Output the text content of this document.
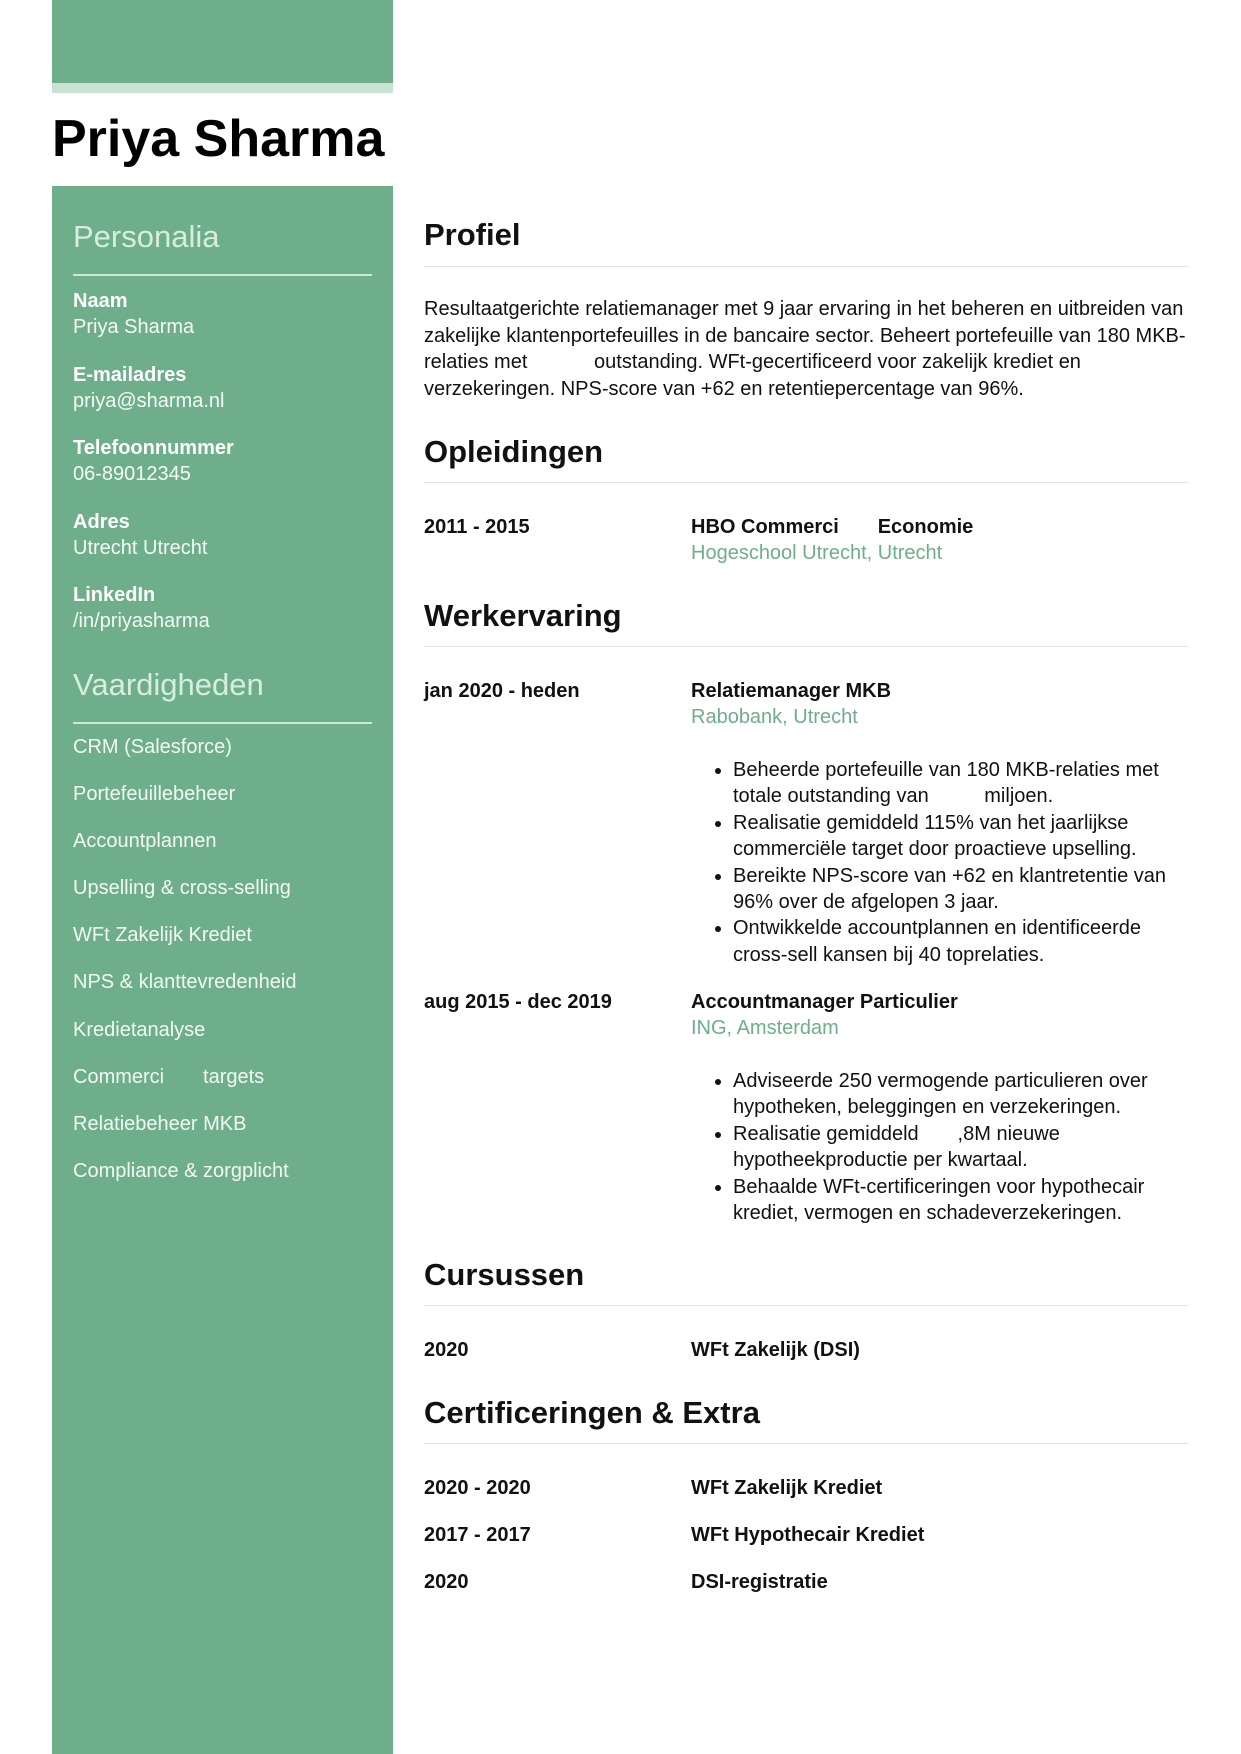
Priya Sharma
Personalia
Naam
Priya Sharma
E-mailadres
priya@sharma.nl
Telefoonnummer
06-89012345
Adres
Utrecht Utrecht
LinkedIn
/in/priyasharma
Vaardigheden
CRM (Salesforce)
Portefeuillebeheer
Accountplannen
Upselling & cross-selling
WFt Zakelijk Krediet
NPS & klanttevredenheid
Kredietanalyse
Commerci       targets
Relatiebeheer MKB
Compliance & zorgplicht
Profiel

Resultaatgerichte relatiemanager met 9 jaar ervaring in het beheren en uitbreiden van zakelijke klantenportefeuilles in de bancaire sector. Beheert portefeuille van 180 MKB-relaties met            outstanding. WFt-gecertificeerd voor zakelijk krediet en verzekeringen. NPS-score van +62 en retentiepercentage van 96%.

Opleidingen
2011 - 2015	HBO Commerci       Economie
Hogeschool Utrecht, Utrecht
Werkervaring
jan 2020 - heden	Relatiemanager MKB
Rabobank, Utrecht
• Beheerde portefeuille van 180 MKB-relaties met totale outstanding van          miljoen.
• Realisatie gemiddeld 115% van het jaarlijkse commerciële target door proactieve upselling.
• Bereikte NPS-score van +62 en klantretentie van 96% over de afgelopen 3 jaar.
• Ontwikkelde accountplannen en identificeerde cross-sell kansen bij 40 toprelaties.
aug 2015 - dec 2019	Accountmanager Particulier
ING, Amsterdam
• Adviseerde 250 vermogende particulieren over hypotheken, beleggingen en verzekeringen.
• Realisatie gemiddeld       ,8M nieuwe hypotheekproductie per kwartaal.
• Behaalde WFt-certificeringen voor hypothecair krediet, vermogen en schadeverzekeringen.
Cursussen
2020	WFt Zakelijk (DSI)
Certificeringen & Extra
2020 - 2020	WFt Zakelijk Krediet
2017 - 2017	WFt Hypothecair Krediet
2020	DSI-registratie
